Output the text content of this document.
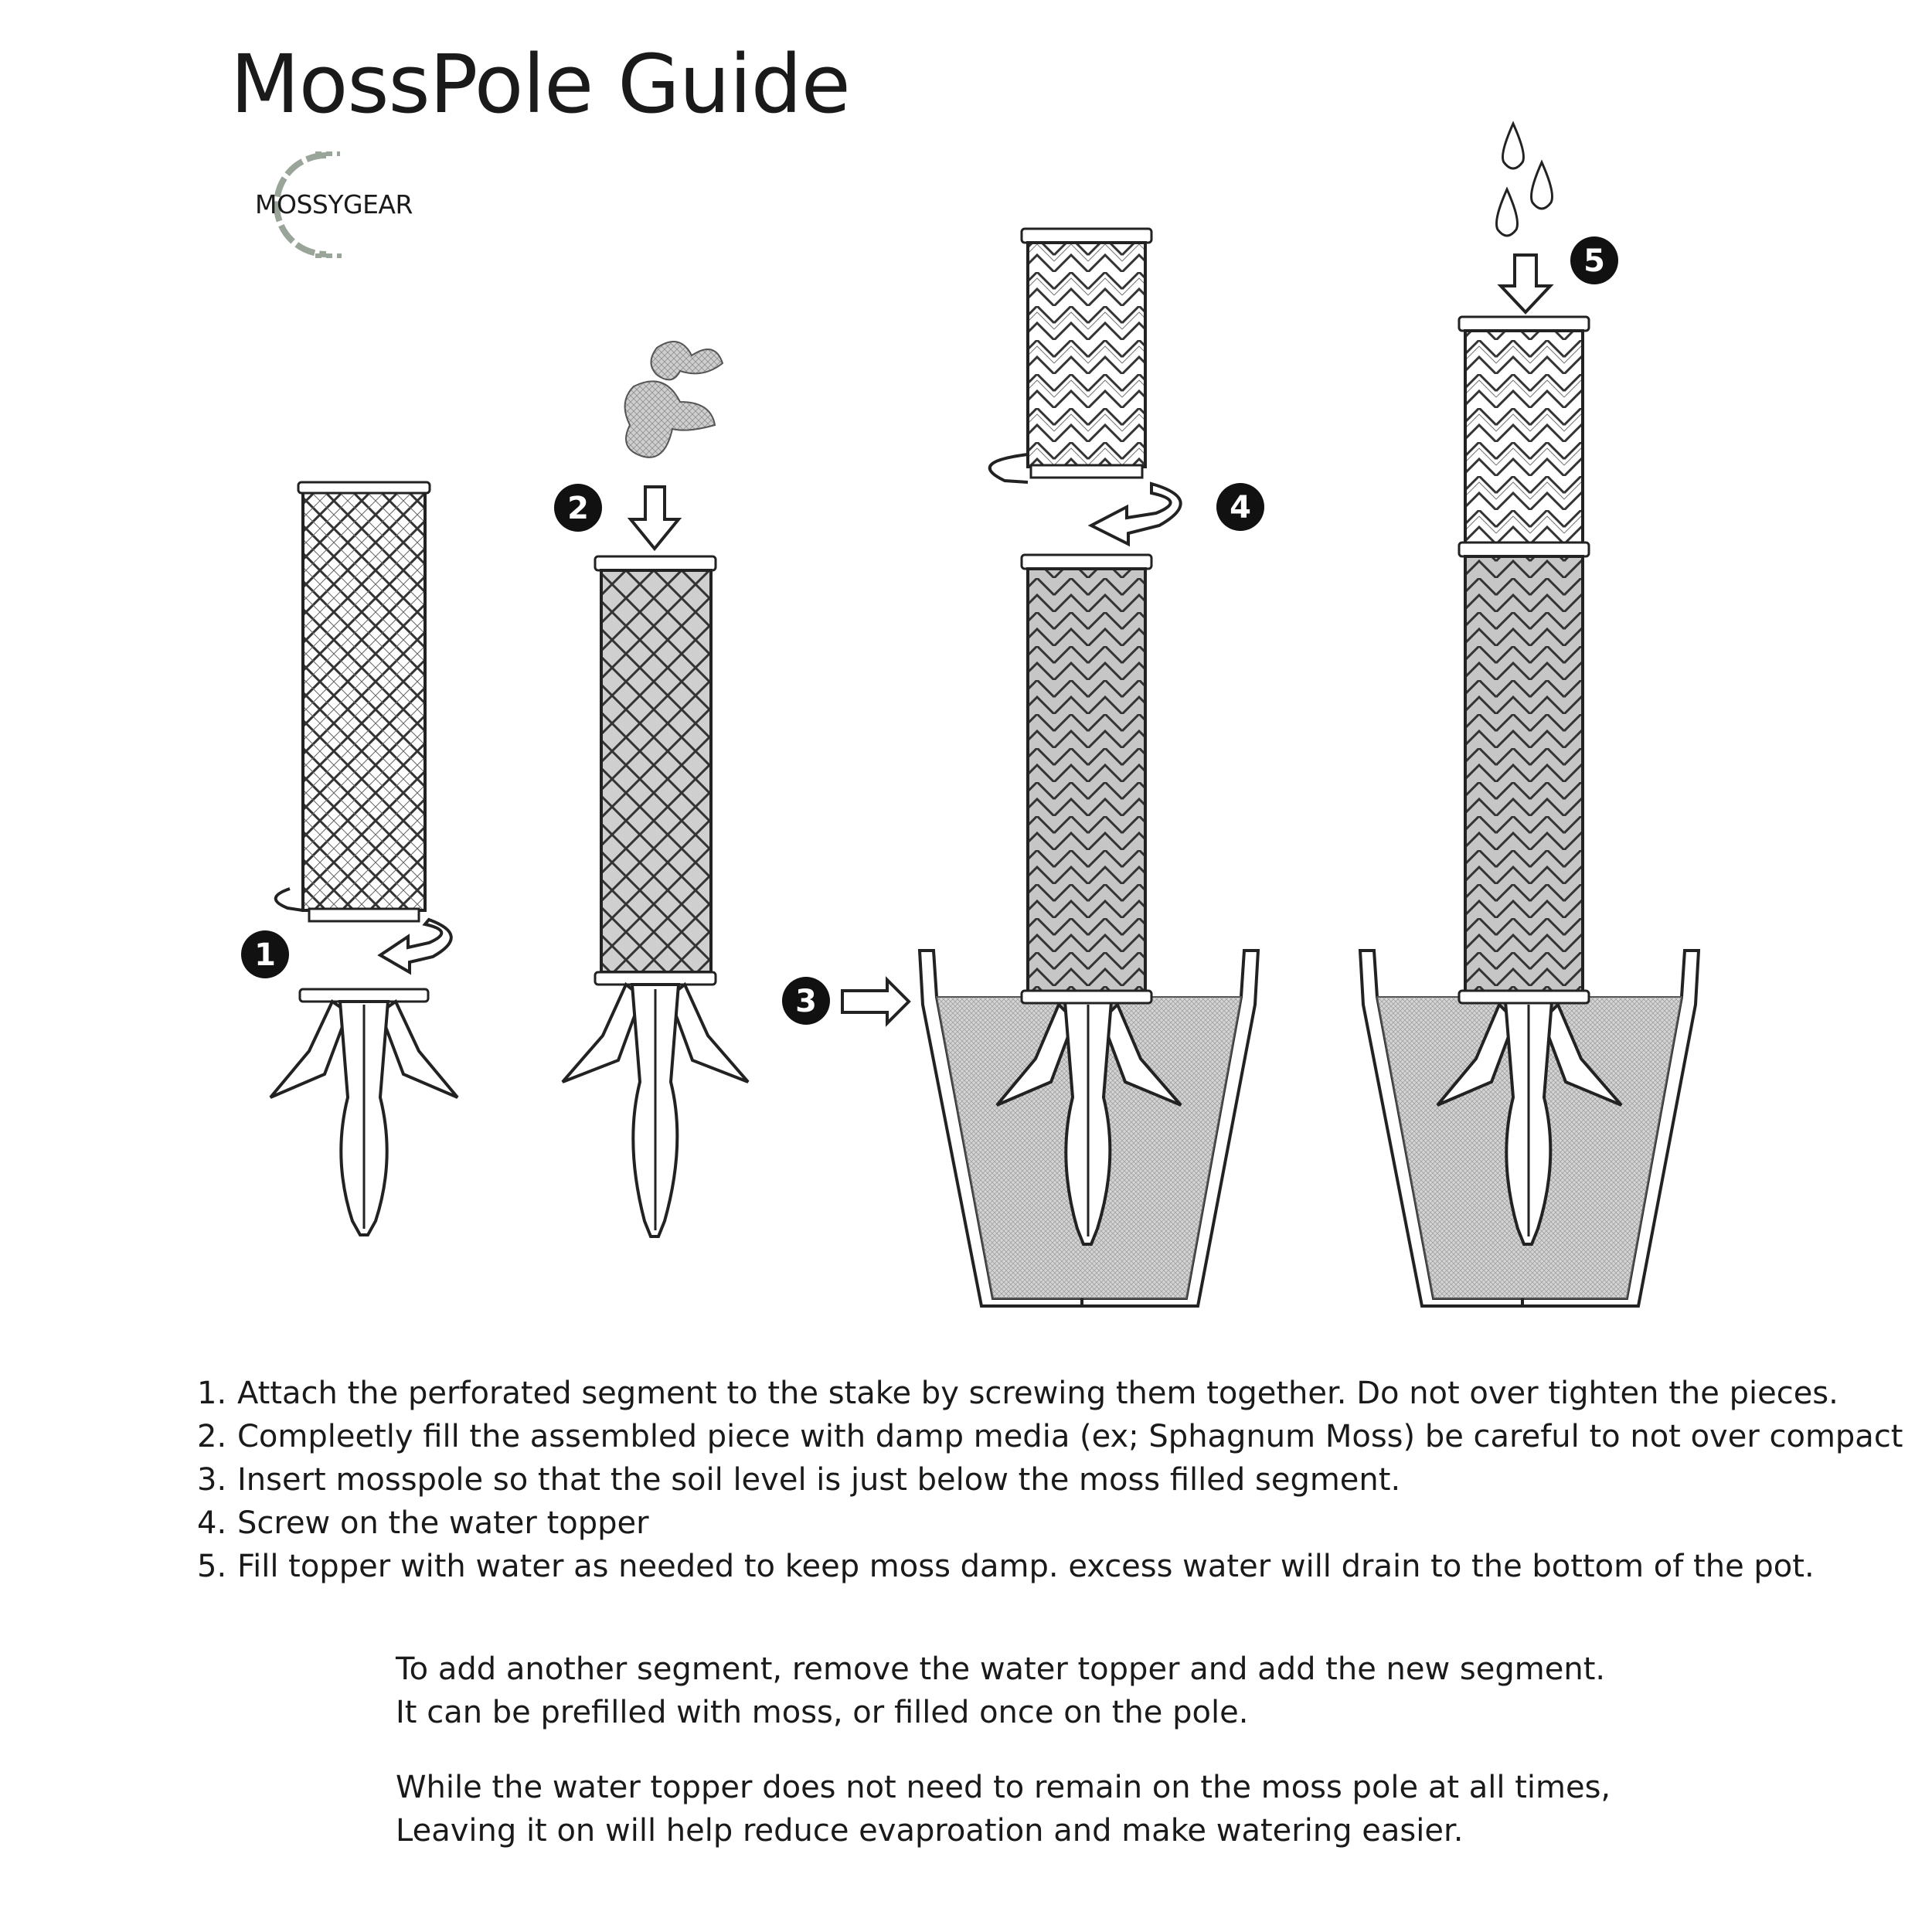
MossPole Guide
MOSSYGEAR
1
2
3
4
5
1. Attach the perforated segment to the stake by screwing them together. Do not over tighten the pieces.
2. Compleetly fill the assembled piece with damp media (ex; Sphagnum Moss) be careful to not over compact
3. Insert mosspole so that the soil level is just below the moss filled segment.
4. Screw on the water topper
5. Fill topper with water as needed to keep moss damp. excess water will drain to the bottom of the pot.

To add another segment, remove the water topper and add the new segment.

It can be prefilled with moss, or filled once on the pole.

While the water topper does not need to remain on the moss pole at all times,

Leaving it on will help reduce evaproation and make watering easier.
